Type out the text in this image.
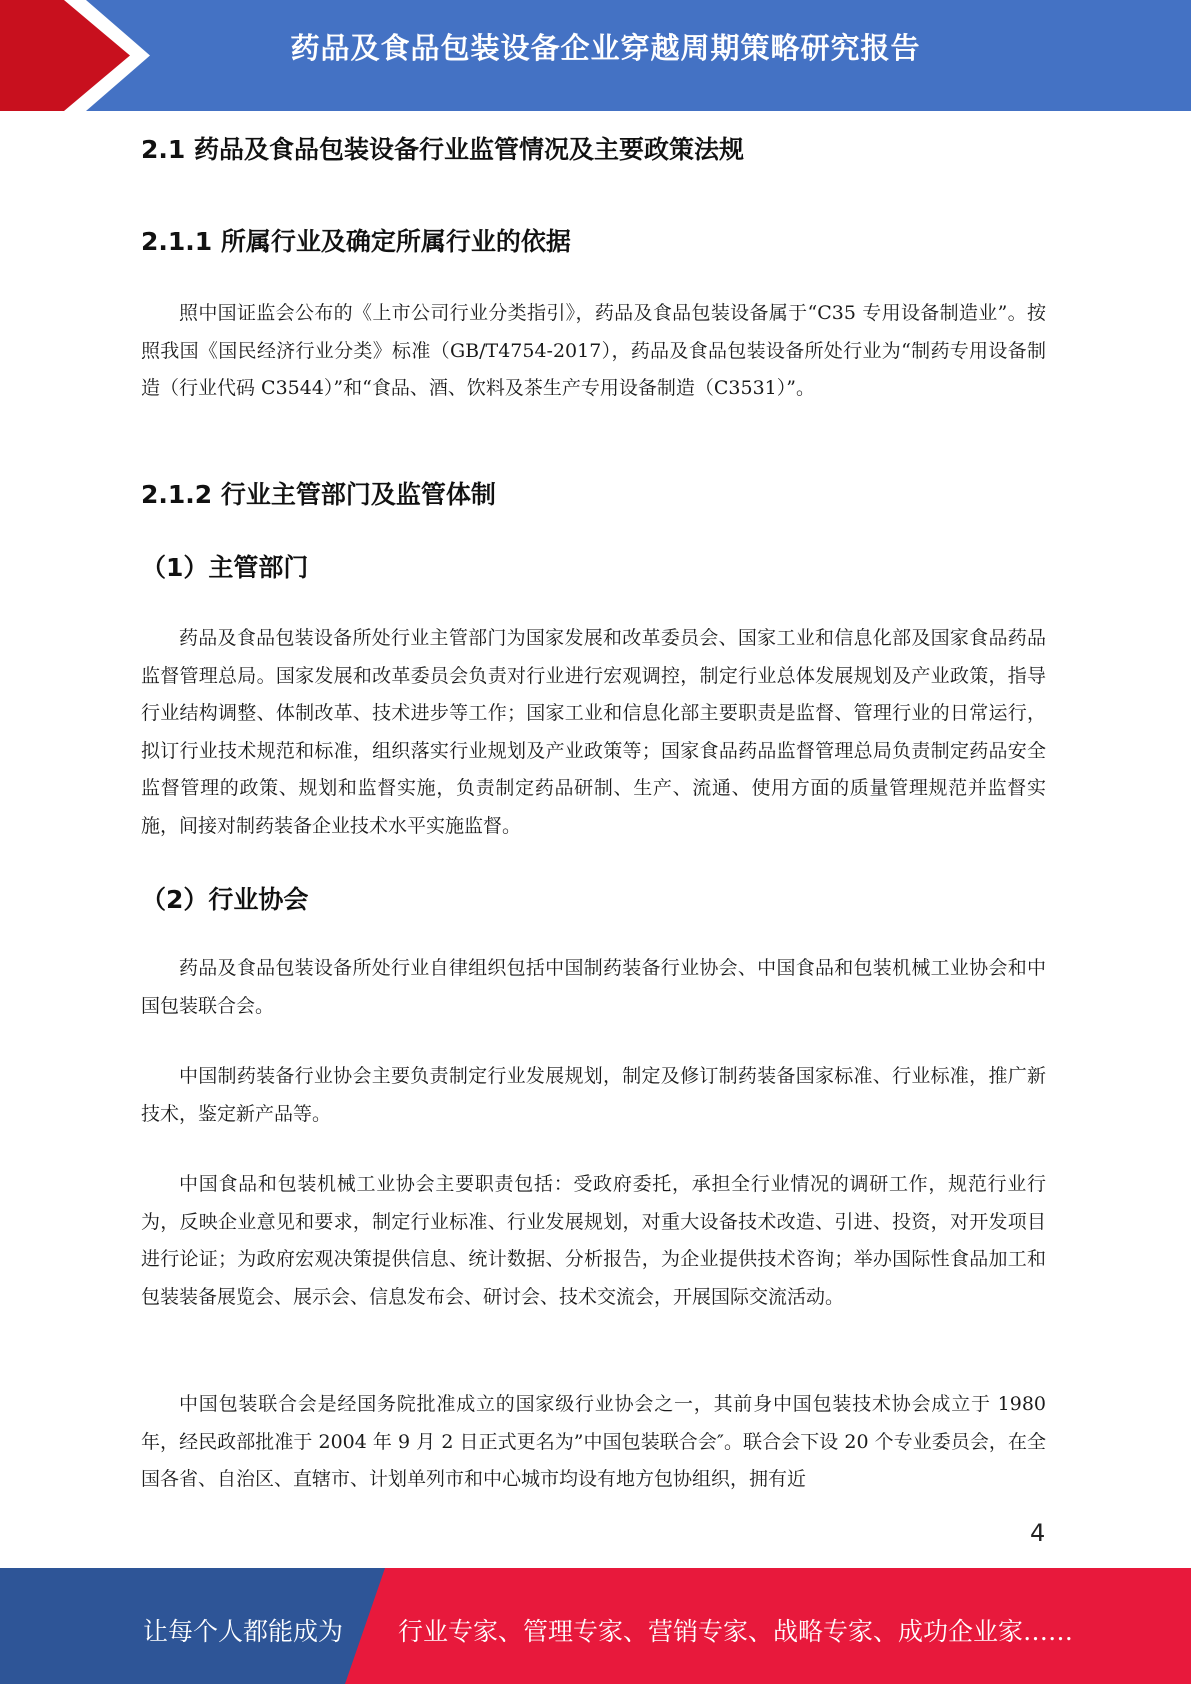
药品及食品包装设备企业穿越周期策略研究报告
2.1 药品及食品包装设备行业监管情况及主要政策法规
2.1.1 所属行业及确定所属行业的依据

照中国证监会公布的《上市公司行业分类指引》，药品及食品包装设备属于“C35 专用设备制造业”。按照我国《国民经济行业分类》标准（GB/T4754-2017），药品及食品包装设备所处行业为“制药专用设备制造（行业代码 C3544）”和“食品、酒、饮料及茶生产专用设备制造（C3531）”。

2.1.2 行业主管部门及监管体制
（1）主管部门

药品及食品包装设备所处行业主管部门为国家发展和改革委员会、国家工业和信息化部及国家食品药品监督管理总局。国家发展和改革委员会负责对行业进行宏观调控，制定行业总体发展规划及产业政策，指导行业结构调整、体制改革、技术进步等工作；国家工业和信息化部主要职责是监督、管理行业的日常运行，拟订行业技术规范和标准，组织落实行业规划及产业政策等；国家食品药品监督管理总局负责制定药品安全监督管理的政策、规划和监督实施，负责制定药品研制、生产、流通、使用方面的质量管理规范并监督实施，间接对制药装备企业技术水平实施监督。

（2）行业协会

药品及食品包装设备所处行业自律组织包括中国制药装备行业协会、中国食品和包装机械工业协会和中国包装联合会。

中国制药装备行业协会主要负责制定行业发展规划，制定及修订制药装备国家标准、行业标准，推广新技术，鉴定新产品等。

中国食品和包装机械工业协会主要职责包括：受政府委托，承担全行业情况的调研工作，规范行业行为，反映企业意见和要求，制定行业标准、行业发展规划，对重大设备技术改造、引进、投资，对开发项目进行论证；为政府宏观决策提供信息、统计数据、分析报告，为企业提供技术咨询；举办国际性食品加工和包装装备展览会、展示会、信息发布会、研讨会、技术交流会，开展国际交流活动。

中国包装联合会是经国务院批准成立的国家级行业协会之一，其前身中国包装技术协会成立于 1980 年，经民政部批准于 2004 年 9 月 2 日正式更名为”中国包装联合会″。联合会下设 20 个专业委员会，在全国各省、自治区、直辖市、计划单列市和中心城市均设有地方包协组织，拥有近

4
让每个人都能成为 行业专家、管理专家、营销专家、战略专家、成功企业家……
